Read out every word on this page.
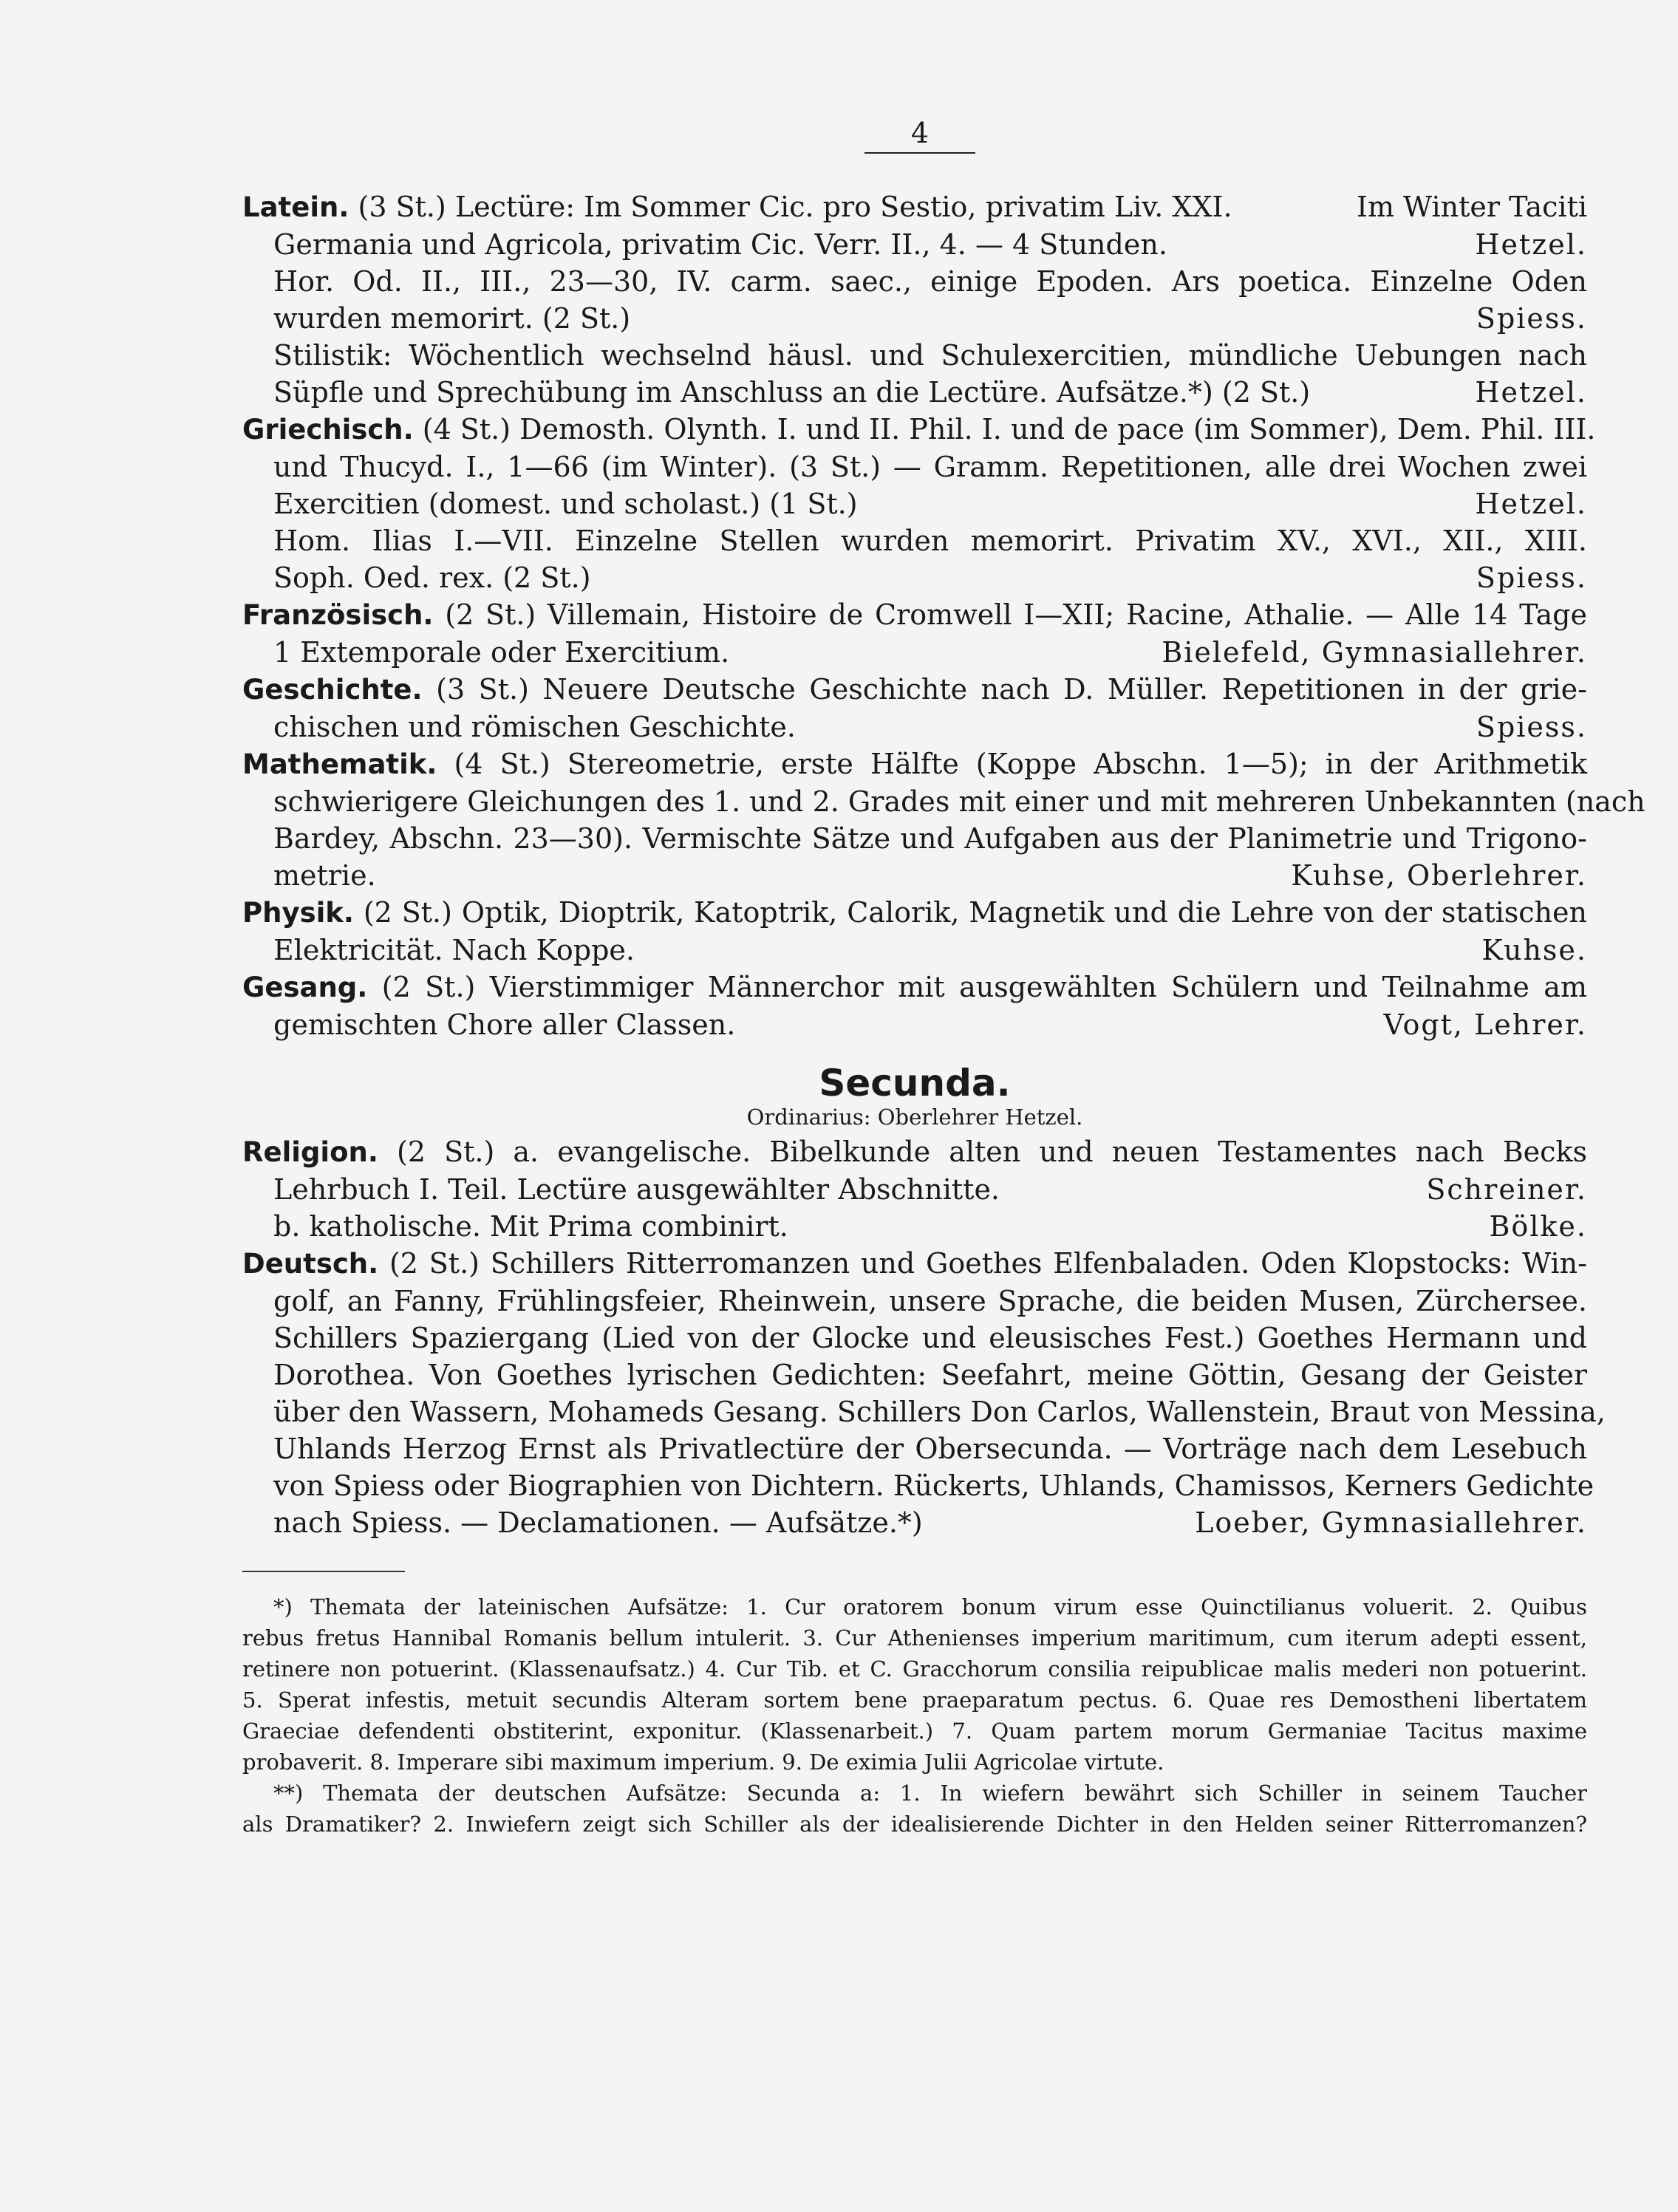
4
Latein. (3 St.) Lectüre: Im Sommer Cic. pro Sestio, privatim Liv. XXI.	Im Winter Taciti
Germania und Agricola, privatim Cic. Verr. II., 4. — 4 Stunden.	Hetzel.
Hor. Od. II., III., 23—30, IV. carm. saec., einige Epoden. Ars poetica. Einzelne Oden
wurden memorirt. (2 St.)	Spiess.
Stilistik: Wöchentlich wechselnd häusl. und Schulexercitien, mündliche Uebungen nach
Süpfle und Sprechübung im Anschluss an die Lectüre. Aufsätze.*) (2 St.)	Hetzel.
Griechisch. (4 St.) Demosth. Olynth. I. und II. Phil. I. und de pace (im Sommer), Dem. Phil. III.
und Thucyd. I., 1—66 (im Winter). (3 St.) — Gramm. Repetitionen, alle drei Wochen zwei
Exercitien (domest. und scholast.) (1 St.)	Hetzel.
Hom. Ilias I.—VII. Einzelne Stellen wurden memorirt. Privatim XV., XVI., XII., XIII.
Soph. Oed. rex. (2 St.)	Spiess.
Französisch. (2 St.) Villemain, Histoire de Cromwell I—XII; Racine, Athalie. — Alle 14 Tage
1 Extemporale oder Exercitium.	Bielefeld, Gymnasiallehrer.
Geschichte. (3 St.) Neuere Deutsche Geschichte nach D. Müller. Repetitionen in der grie-
chischen und römischen Geschichte.	Spiess.
Mathematik. (4 St.) Stereometrie, erste Hälfte (Koppe Abschn. 1—5); in der Arithmetik
schwierigere Gleichungen des 1. und 2. Grades mit einer und mit mehreren Unbekannten (nach
Bardey, Abschn. 23—30). Vermischte Sätze und Aufgaben aus der Planimetrie und Trigono-
metrie.	Kuhse, Oberlehrer.
Physik. (2 St.) Optik, Dioptrik, Katoptrik, Calorik, Magnetik und die Lehre von der statischen
Elektricität. Nach Koppe.	Kuhse.
Gesang. (2 St.) Vierstimmiger Männerchor mit ausgewählten Schülern und Teilnahme am
gemischten Chore aller Classen.	Vogt, Lehrer.
Secunda.
Ordinarius: Oberlehrer Hetzel.
Religion. (2 St.) a. evangelische. Bibelkunde alten und neuen Testamentes nach Becks
Lehrbuch I. Teil. Lectüre ausgewählter Abschnitte.	Schreiner.
b. katholische. Mit Prima combinirt.	Bölke.
Deutsch. (2 St.) Schillers Ritterromanzen und Goethes Elfenbaladen. Oden Klopstocks: Win-
golf, an Fanny, Frühlingsfeier, Rheinwein, unsere Sprache, die beiden Musen, Zürchersee.
Schillers Spaziergang (Lied von der Glocke und eleusisches Fest.) Goethes Hermann und
Dorothea. Von Goethes lyrischen Gedichten: Seefahrt, meine Göttin, Gesang der Geister
über den Wassern, Mohameds Gesang. Schillers Don Carlos, Wallenstein, Braut von Messina,
Uhlands Herzog Ernst als Privatlectüre der Obersecunda. — Vorträge nach dem Lesebuch
von Spiess oder Biographien von Dichtern. Rückerts, Uhlands, Chamissos, Kerners Gedichte
nach Spiess. — Declamationen. — Aufsätze.*)	Loeber, Gymnasiallehrer.
*) Themata der lateinischen Aufsätze: 1. Cur oratorem bonum virum esse Quinctilianus voluerit. 2. Quibus
rebus fretus Hannibal Romanis bellum intulerit. 3. Cur Athenienses imperium maritimum, cum iterum adepti essent,
retinere non potuerint. (Klassenaufsatz.) 4. Cur Tib. et C. Gracchorum consilia reipublicae malis mederi non potuerint.
5. Sperat infestis, metuit secundis Alteram sortem bene praeparatum pectus. 6. Quae res Demostheni libertatem
Graeciae defendenti obstiterint, exponitur. (Klassenarbeit.) 7. Quam partem morum Germaniae Tacitus maxime
probaverit. 8. Imperare sibi maximum imperium. 9. De eximia Julii Agricolae virtute.
**) Themata der deutschen Aufsätze: Secunda a: 1. In wiefern bewährt sich Schiller in seinem Taucher
als Dramatiker? 2. Inwiefern zeigt sich Schiller als der idealisierende Dichter in den Helden seiner Ritterromanzen?
